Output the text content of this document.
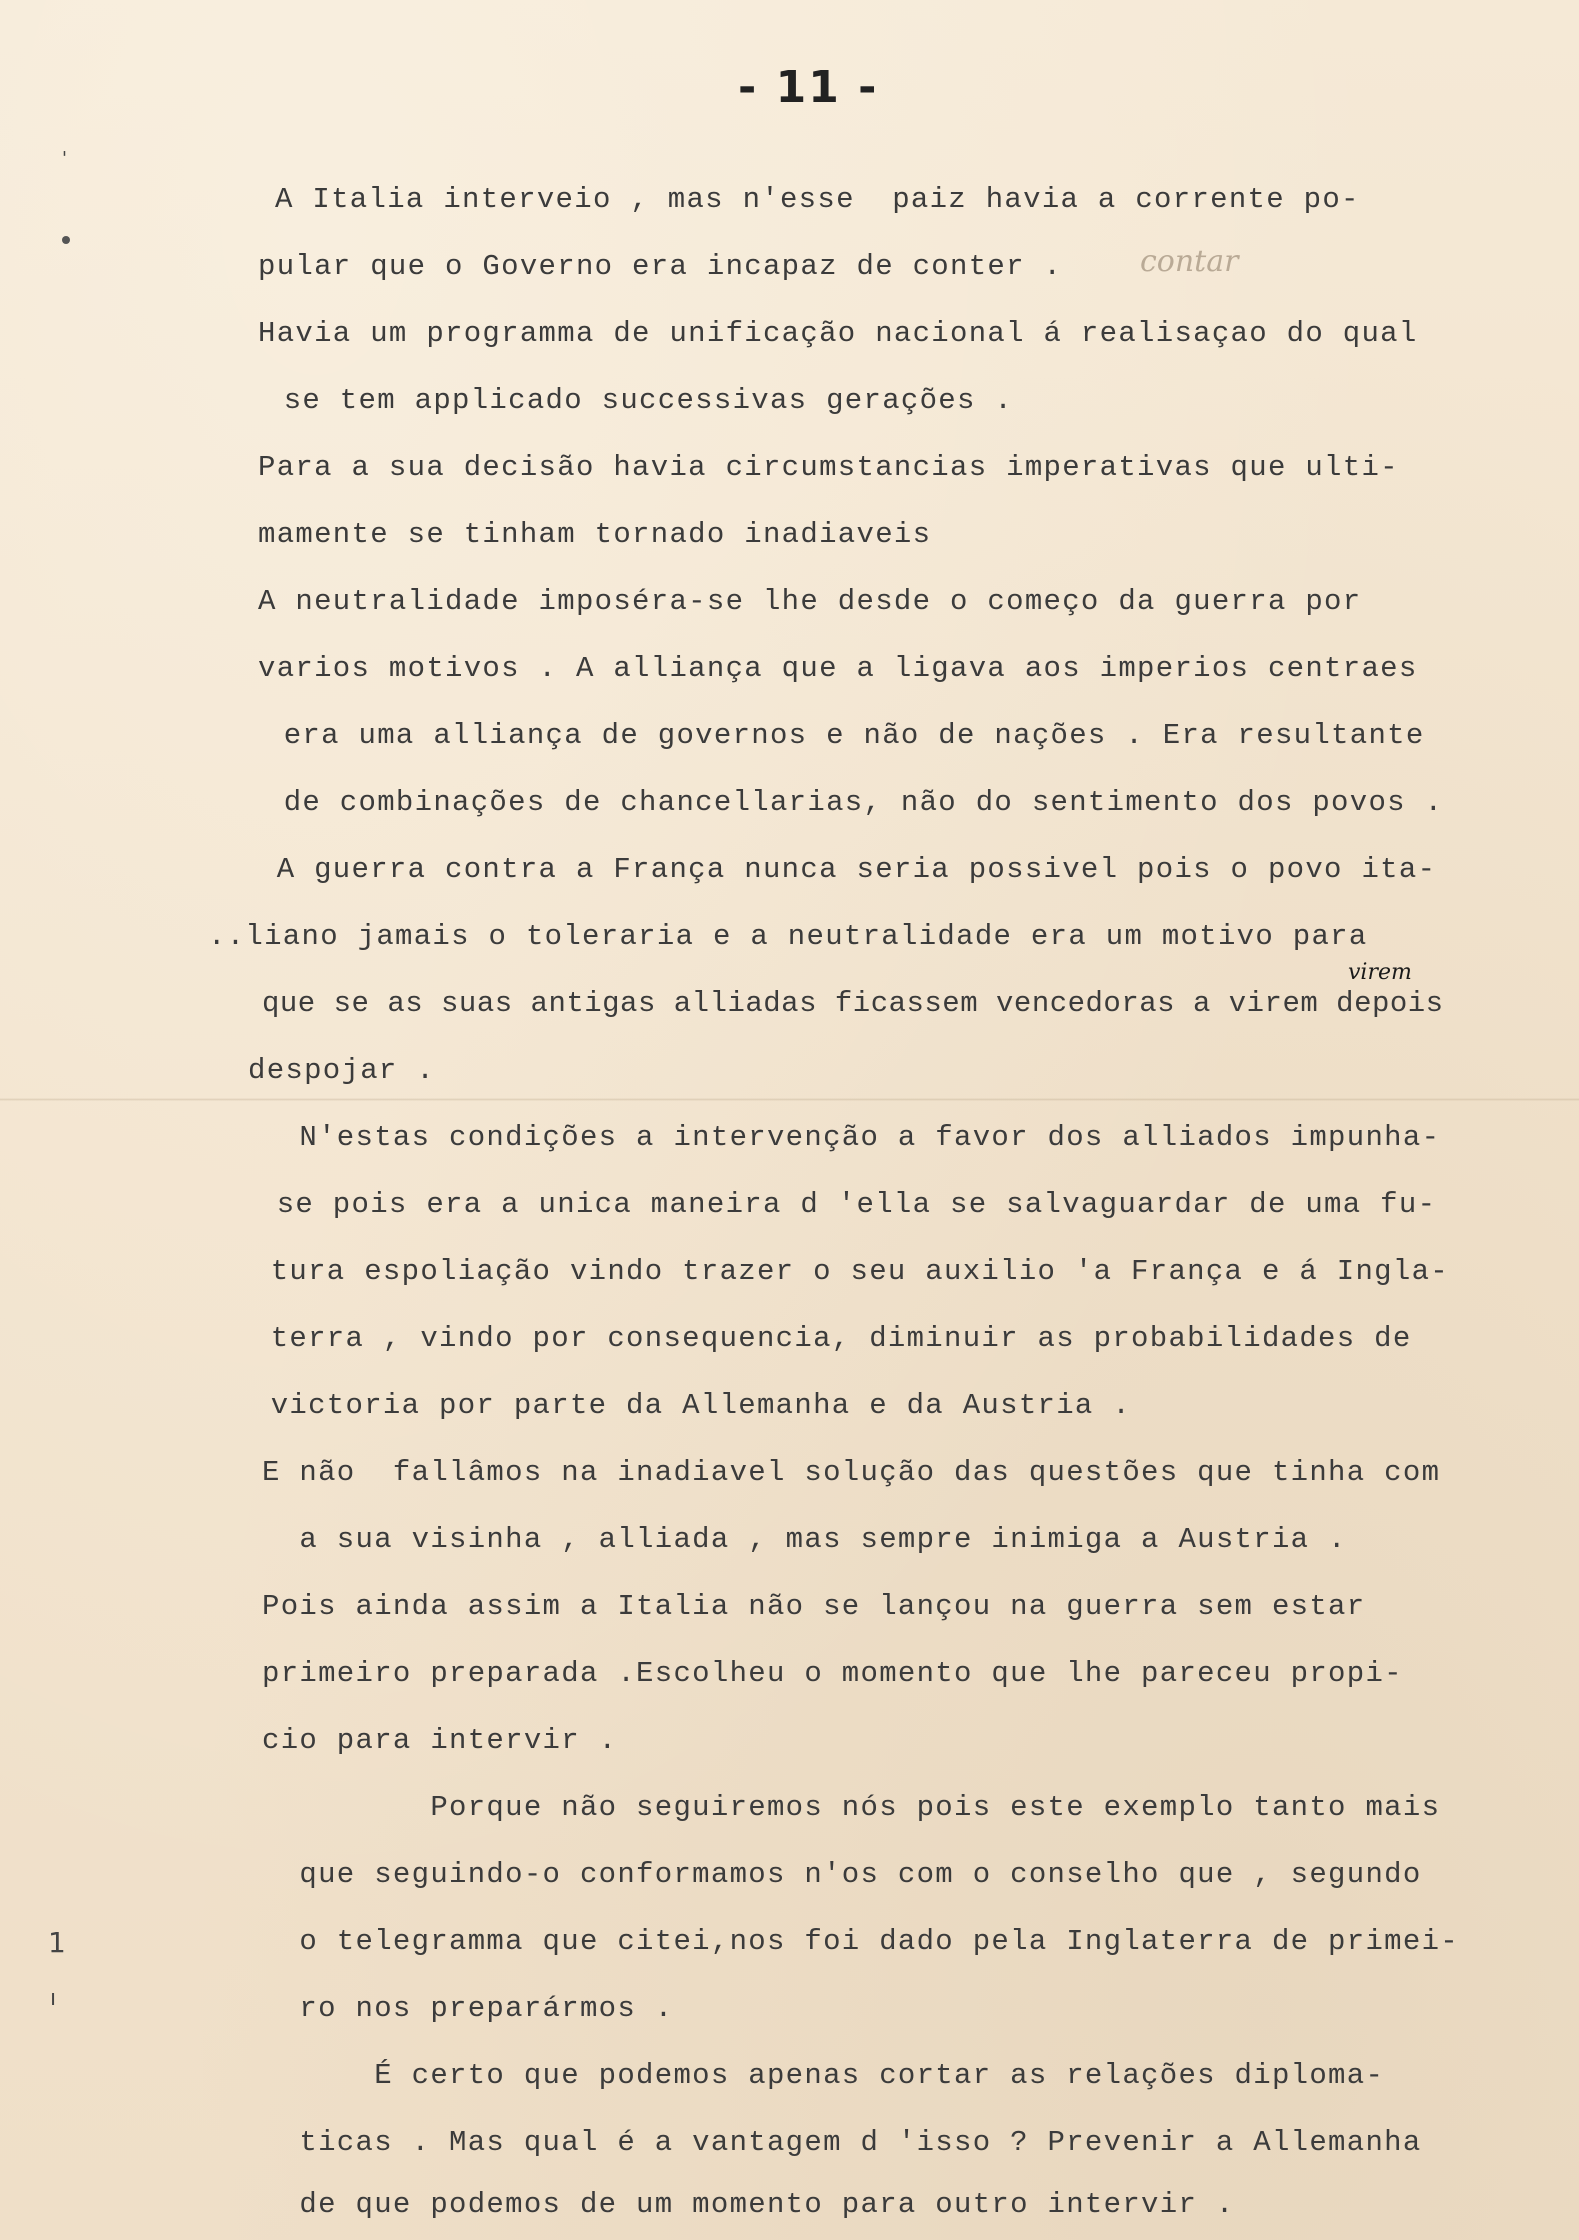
'
1
ı
- 11 -
A Italia interveio , mas n'esse  paiz havia a corrente po-
pular que o Governo era incapaz de conter .	contar
Havia um programma de unificação nacional á realisaçao do qual
se tem applicado successivas gerações .
Para a sua decisão havia circumstancias imperativas que ulti-
mamente se tinham tornado inadiaveis
A neutralidade imposéra-se lhe desde o começo da guerra por
varios motivos . A alliança que a ligava aos imperios centraes
era uma alliança de governos e não de nações . Era resultante
de combinações de chancellarias, não do sentimento dos povos .
A guerra contra a França nunca seria possivel pois o povo ita-
..liano jamais o toleraria e a neutralidade era um motivo para
virem
que se as suas antigas alliadas ficassem vencedoras a virem depois
despojar .
N'estas condições a intervenção a favor dos alliados impunha-
se pois era a unica maneira d 'ella se salvaguardar de uma fu-
tura espoliação vindo trazer o seu auxilio 'a França e á Ingla-
terra , vindo por consequencia, diminuir as probabilidades de
victoria por parte da Allemanha e da Austria .
E não  fallâmos na inadiavel solução das questões que tinha com
a sua visinha , alliada , mas sempre inimiga a Austria .
Pois ainda assim a Italia não se lançou na guerra sem estar
primeiro preparada .Escolheu o momento que lhe pareceu propi-
cio para intervir .
Porque não seguiremos nós pois este exemplo tanto mais
que seguindo-o conformamos n'os com o conselho que , segundo
o telegramma que citei,nos foi dado pela Inglaterra de primei-
ro nos preparármos .
É certo que podemos apenas cortar as relações diploma-
ticas . Mas qual é a vantagem d 'isso ? Prevenir a Allemanha
de que podemos de um momento para outro intervir .
